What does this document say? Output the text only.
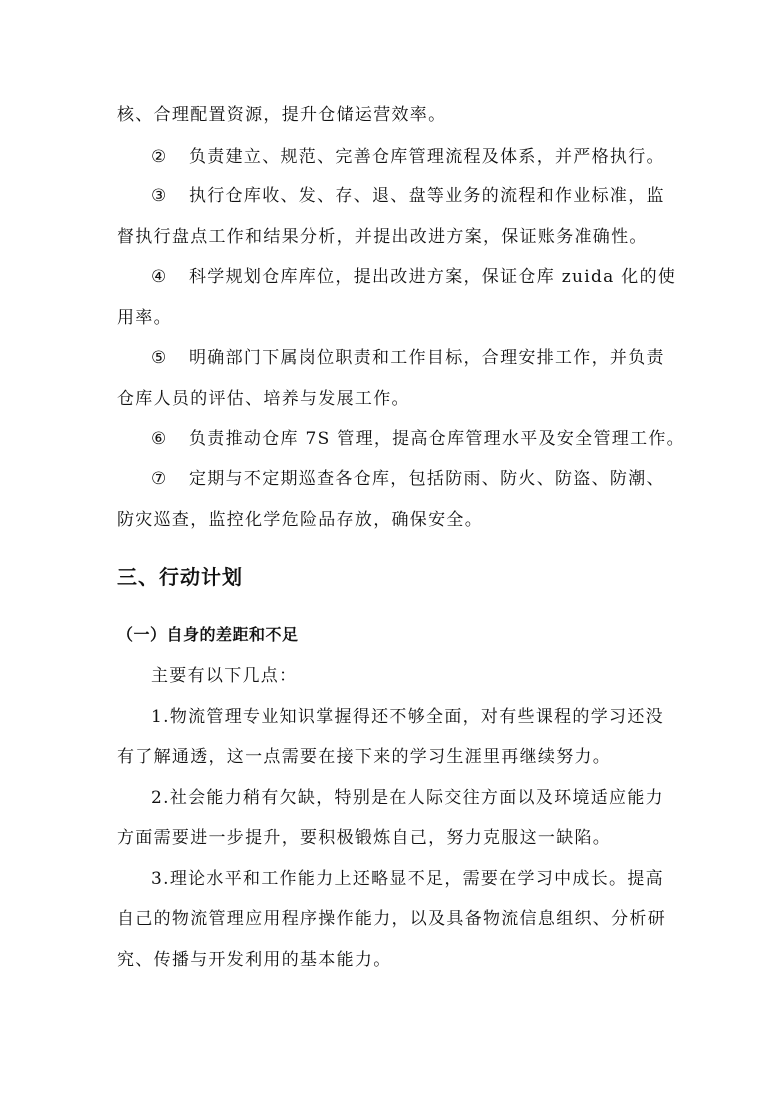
核、合理配置资源，提升仓储运营效率。
② 负责建立、规范、完善仓库管理流程及体系，并严格执行。
③ 执行仓库收、发、存、退、盘等业务的流程和作业标准，监
督执行盘点工作和结果分析，并提出改进方案，保证账务准确性。
④ 科学规划仓库库位，提出改进方案，保证仓库 zuida 化的使
用率。
⑤ 明确部门下属岗位职责和工作目标，合理安排工作，并负责
仓库人员的评估、培养与发展工作。
⑥ 负责推动仓库 7S 管理，提高仓库管理水平及安全管理工作。
⑦ 定期与不定期巡查各仓库，包括防雨、防火、防盗、防潮、
防灾巡查，监控化学危险品存放，确保安全。
三、行动计划
（一）自身的差距和不足
主要有以下几点：
1.物流管理专业知识掌握得还不够全面，对有些课程的学习还没
有了解通透，这一点需要在接下来的学习生涯里再继续努力。
2.社会能力稍有欠缺，特别是在人际交往方面以及环境适应能力
方面需要进一步提升，要积极锻炼自己，努力克服这一缺陷。
3.理论水平和工作能力上还略显不足，需要在学习中成长。提高
自己的物流管理应用程序操作能力，以及具备物流信息组织、分析研
究、传播与开发利用的基本能力。
